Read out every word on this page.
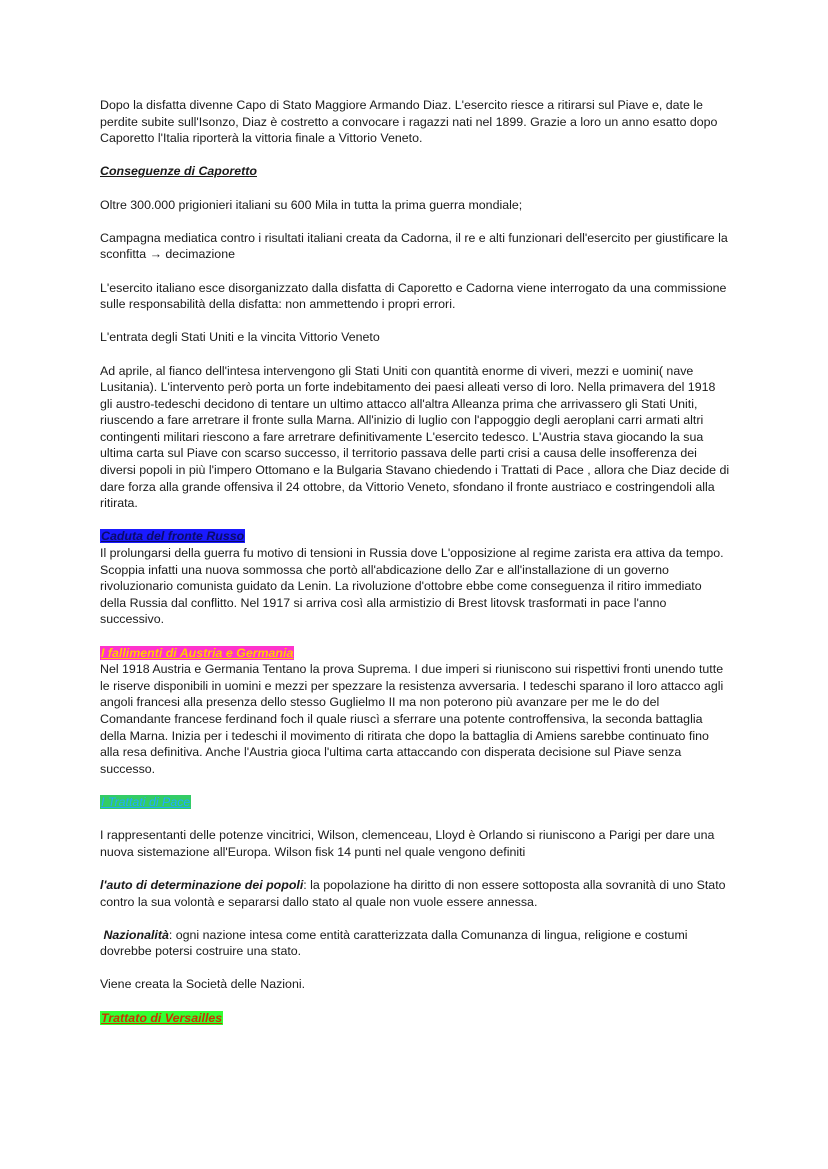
Dopo la disfatta divenne Capo di Stato Maggiore Armando Diaz. L'esercito riesce a ritirarsi sul Piave e, date le perdite subite sull'Isonzo, Diaz è costretto a convocare i ragazzi nati nel 1899. Grazie a loro un anno esatto dopo Caporetto l'Italia riporterà la vittoria finale a Vittorio Veneto.

Conseguenze di Caporetto

Oltre 300.000 prigionieri italiani su 600 Mila in tutta la prima guerra mondiale;

Campagna mediatica contro i risultati italiani creata da Cadorna, il re e alti funzionari dell'esercito per giustificare la sconfitta → decimazione

L'esercito italiano esce disorganizzato dalla disfatta di Caporetto e Cadorna viene interrogato da una commissione sulle responsabilità della disfatta: non ammettendo i propri errori.

L'entrata degli Stati Uniti e la vincita Vittorio Veneto

Ad aprile, al fianco dell'intesa intervengono gli Stati Uniti con quantità enorme di viveri, mezzi e uomini( nave Lusitania). L'intervento però porta un forte indebitamento dei paesi alleati verso di loro. Nella primavera del 1918 gli austro-tedeschi decidono di tentare un ultimo attacco all'altra Alleanza prima che arrivassero gli Stati Uniti, riuscendo a fare arretrare il fronte sulla Marna. All'inizio di luglio con l'appoggio degli aeroplani carri armati altri contingenti militari riescono a fare arretrare definitivamente L'esercito tedesco. L'Austria stava giocando la sua ultima carta sul Piave con scarso successo, il territorio passava delle parti crisi a causa delle insofferenza dei diversi popoli in più l'impero Ottomano e la Bulgaria Stavano chiedendo i Trattati di Pace , allora che Diaz decide di dare forza alla grande offensiva il 24 ottobre, da Vittorio Veneto, sfondano il fronte austriaco e costringendoli alla ritirata.

Caduta del fronte Russo

Il prolungarsi della guerra fu motivo di tensioni in Russia dove L'opposizione al regime zarista era attiva da tempo. Scoppia infatti una nuova sommossa che portò all'abdicazione dello Zar e all'installazione di un governo rivoluzionario comunista guidato da Lenin. La rivoluzione d'ottobre ebbe come conseguenza il ritiro immediato della Russia dal conflitto. Nel 1917 si arriva così alla armistizio di Brest litovsk trasformati in pace l'anno successivo.

I fallimenti di Austria e Germania

Nel 1918 Austria e Germania Tentano la prova Suprema. I due imperi si riuniscono sui rispettivi fronti unendo tutte le riserve disponibili in uomini e mezzi per spezzare la resistenza avversaria. I tedeschi sparano il loro attacco agli angoli francesi alla presenza dello stesso Guglielmo II ma non poterono più avanzare per me le do del Comandante francese ferdinand foch il quale riuscì a sferrare una potente controffensiva, la seconda battaglia della Marna. Inizia per i tedeschi il movimento di ritirata che dopo la battaglia di Amiens sarebbe continuato fino alla resa definitiva. Anche l'Austria gioca l'ultima carta attaccando con disperata decisione sul Piave senza successo.

I Trattati di Pace

I rappresentanti delle potenze vincitrici, Wilson, clemenceau, Lloyd è Orlando si riuniscono a Parigi per dare una nuova sistemazione all'Europa. Wilson fisk 14 punti nel quale vengono definiti

l'auto di determinazione dei popoli: la popolazione ha diritto di non essere sottoposta alla sovranità di uno Stato contro la sua volontà e separarsi dallo stato al quale non vuole essere annessa.

Nazionalità: ogni nazione intesa come entità caratterizzata dalla Comunanza di lingua, religione e costumi dovrebbe potersi costruire una stato.

Viene creata la Società delle Nazioni.

Trattato di Versailles
